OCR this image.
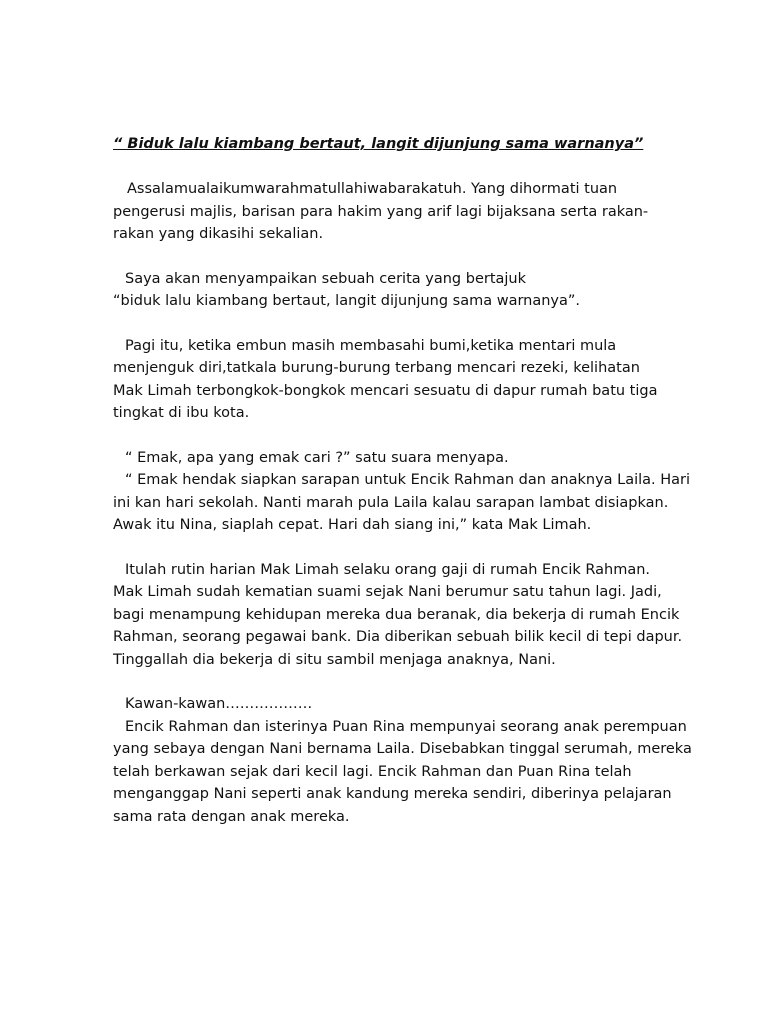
“ Biduk lalu kiambang bertaut, langit dijunjung sama warnanya”
Assalamualaikumwarahmatullahiwabarakatuh. Yang dihormati tuan
pengerusi majlis, barisan para hakim yang arif lagi bijaksana serta rakan-
rakan yang dikasihi sekalian.
Saya akan menyampaikan sebuah cerita yang bertajuk
“biduk lalu kiambang bertaut, langit dijunjung sama warnanya”.
Pagi itu, ketika embun masih membasahi bumi,ketika mentari mula
menjenguk diri,tatkala burung-burung terbang mencari rezeki, kelihatan
Mak Limah terbongkok-bongkok mencari sesuatu di dapur rumah batu tiga
tingkat di ibu kota.
“ Emak, apa yang emak cari ?” satu suara menyapa.
“ Emak hendak siapkan sarapan untuk Encik Rahman dan anaknya Laila. Hari
ini kan hari sekolah. Nanti marah pula Laila kalau sarapan lambat disiapkan.
Awak itu Nina, siaplah cepat. Hari dah siang ini,” kata Mak Limah.
Itulah rutin harian Mak Limah selaku orang gaji di rumah Encik Rahman.
Mak Limah sudah kematian suami sejak Nani berumur satu tahun lagi. Jadi,
bagi menampung kehidupan mereka dua beranak, dia bekerja di rumah Encik
Rahman, seorang pegawai bank. Dia diberikan sebuah bilik kecil di tepi dapur.
Tinggallah dia bekerja di situ sambil menjaga anaknya, Nani.
Kawan-kawan………………
Encik Rahman dan isterinya Puan Rina mempunyai seorang anak perempuan
yang sebaya dengan Nani bernama Laila. Disebabkan tinggal serumah, mereka
telah berkawan sejak dari kecil lagi. Encik Rahman dan Puan Rina telah
menganggap Nani seperti anak kandung mereka sendiri, diberinya pelajaran
sama rata dengan anak mereka.
